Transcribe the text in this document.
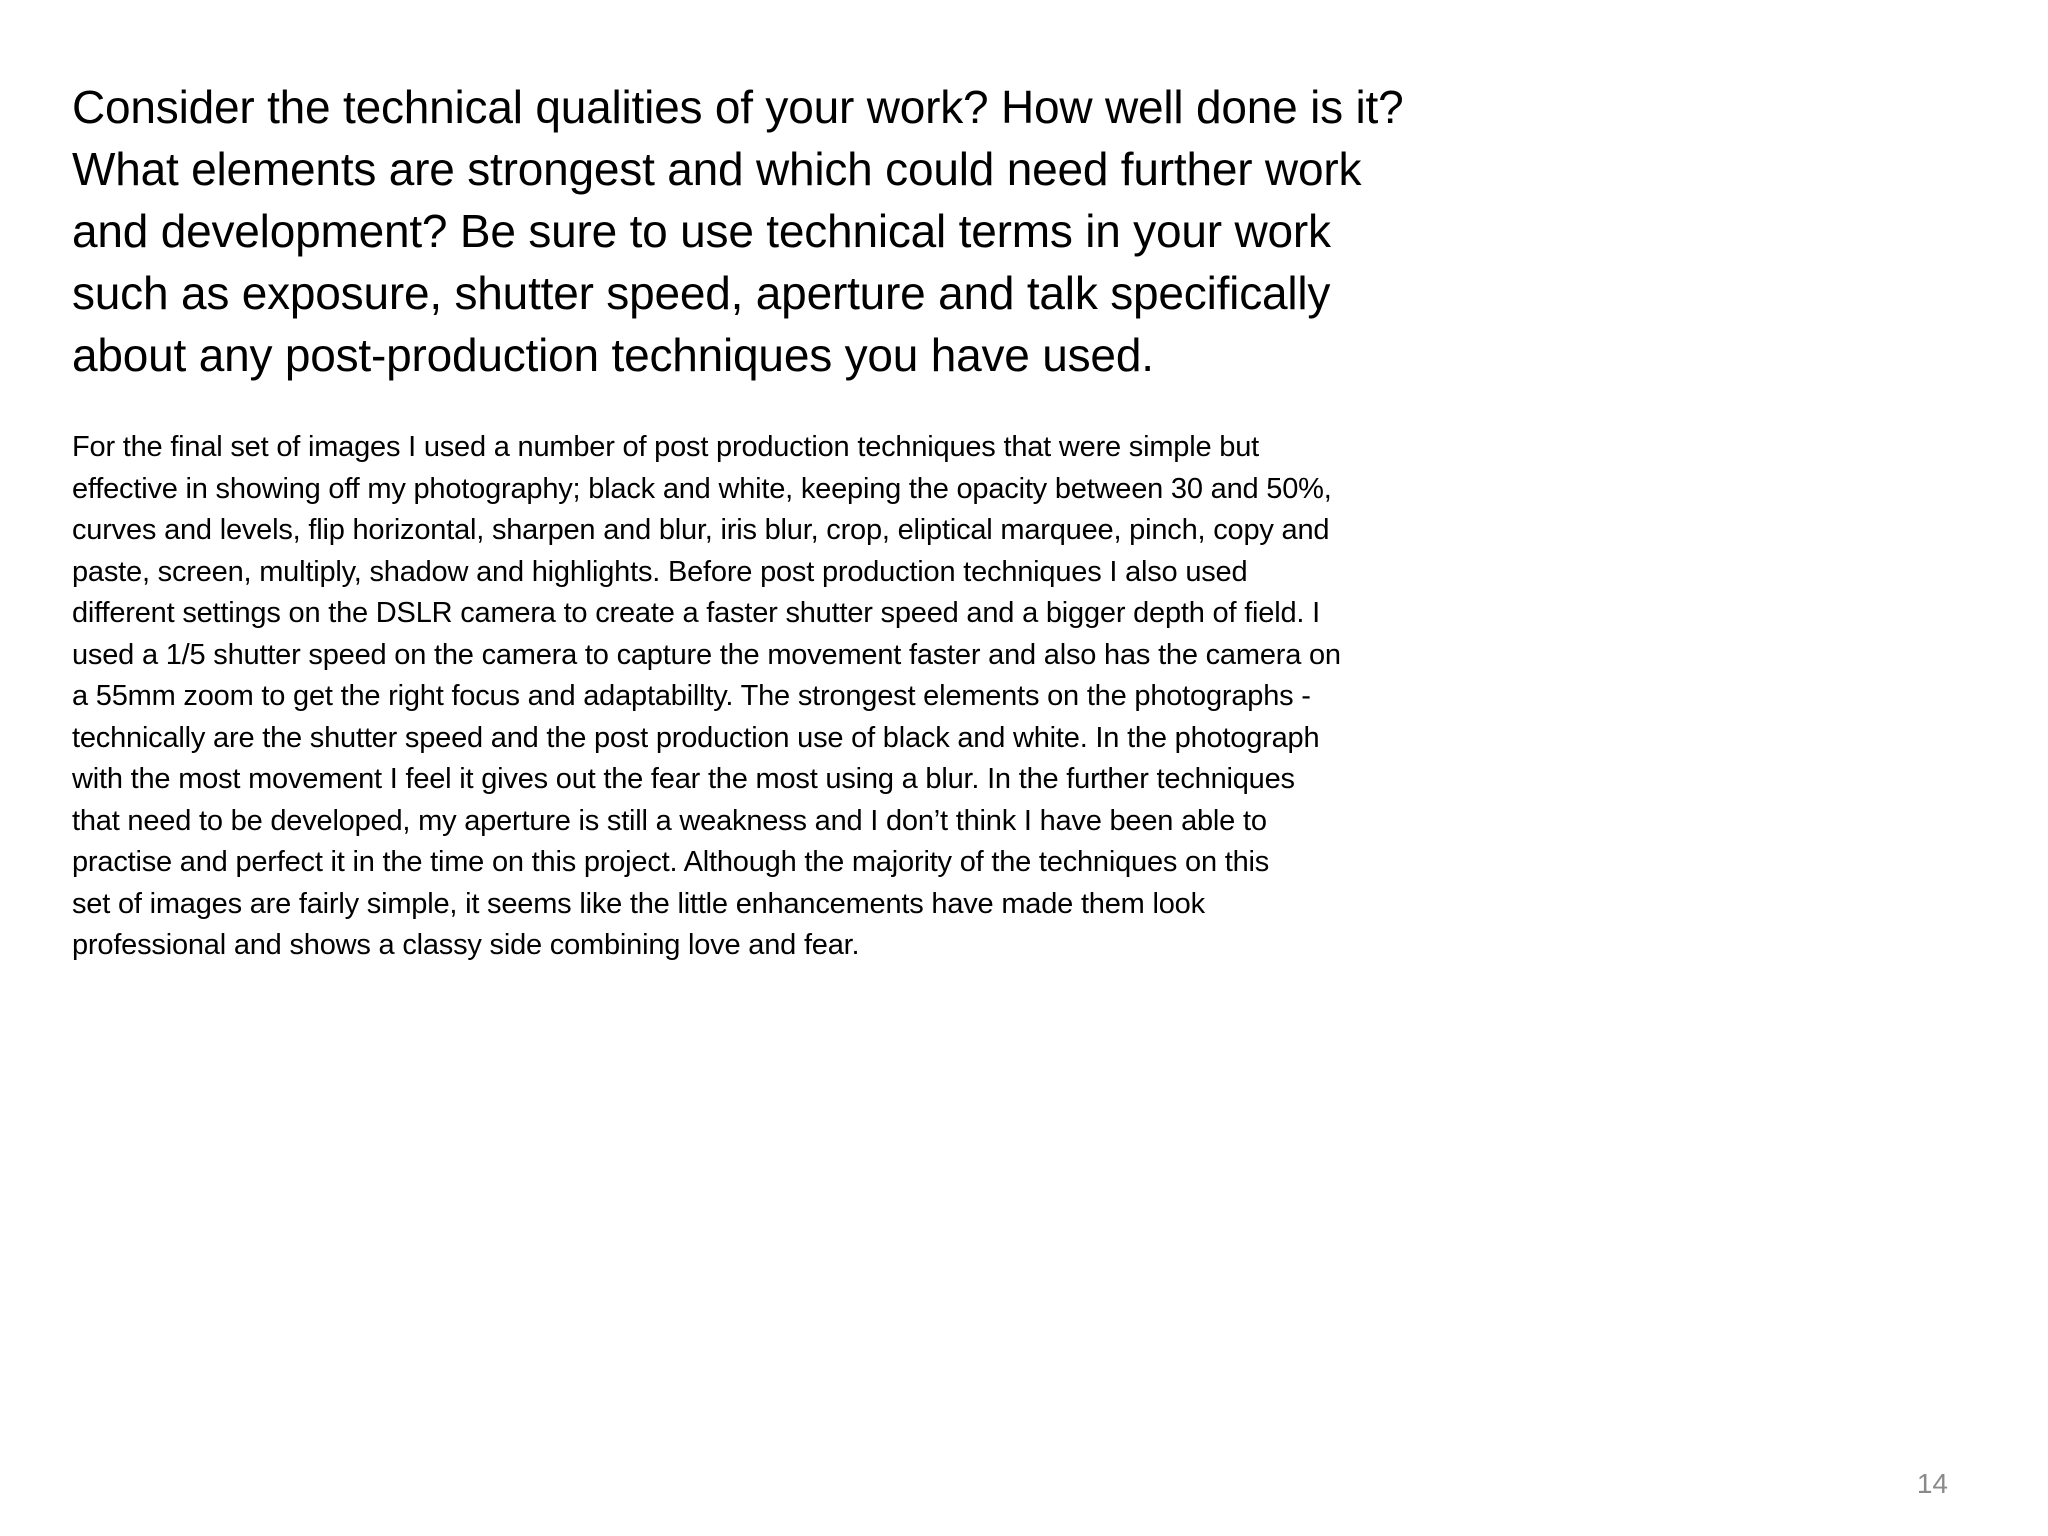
Consider the technical qualities of your work? How well done is it?
What elements are strongest and which could need further work
and development? Be sure to use technical terms in your work
such as exposure, shutter speed, aperture and talk specifically
about any post-production techniques you have used.

For the final set of images I used a number of post production techniques that were simple but
effective in showing off my photography; black and white, keeping the opacity between 30 and 50%,
curves and levels, flip horizontal, sharpen and blur, iris blur, crop, eliptical marquee, pinch, copy and
paste, screen, multiply, shadow and highlights. Before post production techniques I also used
different settings on the DSLR camera to create a faster shutter speed and a bigger depth of field. I
used a 1/5 shutter speed on the camera to capture the movement faster and also has the camera on
a 55mm zoom to get the right focus and adaptabillty. The strongest elements on the photographs -
technically are the shutter speed and the post production use of black and white. In the photograph
with the most movement I feel it gives out the fear the most using a blur. In the further techniques
that need to be developed, my aperture is still a weakness and I don’t think I have been able to
practise and perfect it in the time on this project. Although the majority of the techniques on this
set of images are fairly simple, it seems like the little enhancements have made them look
professional and shows a classy side combining love and fear.

14
